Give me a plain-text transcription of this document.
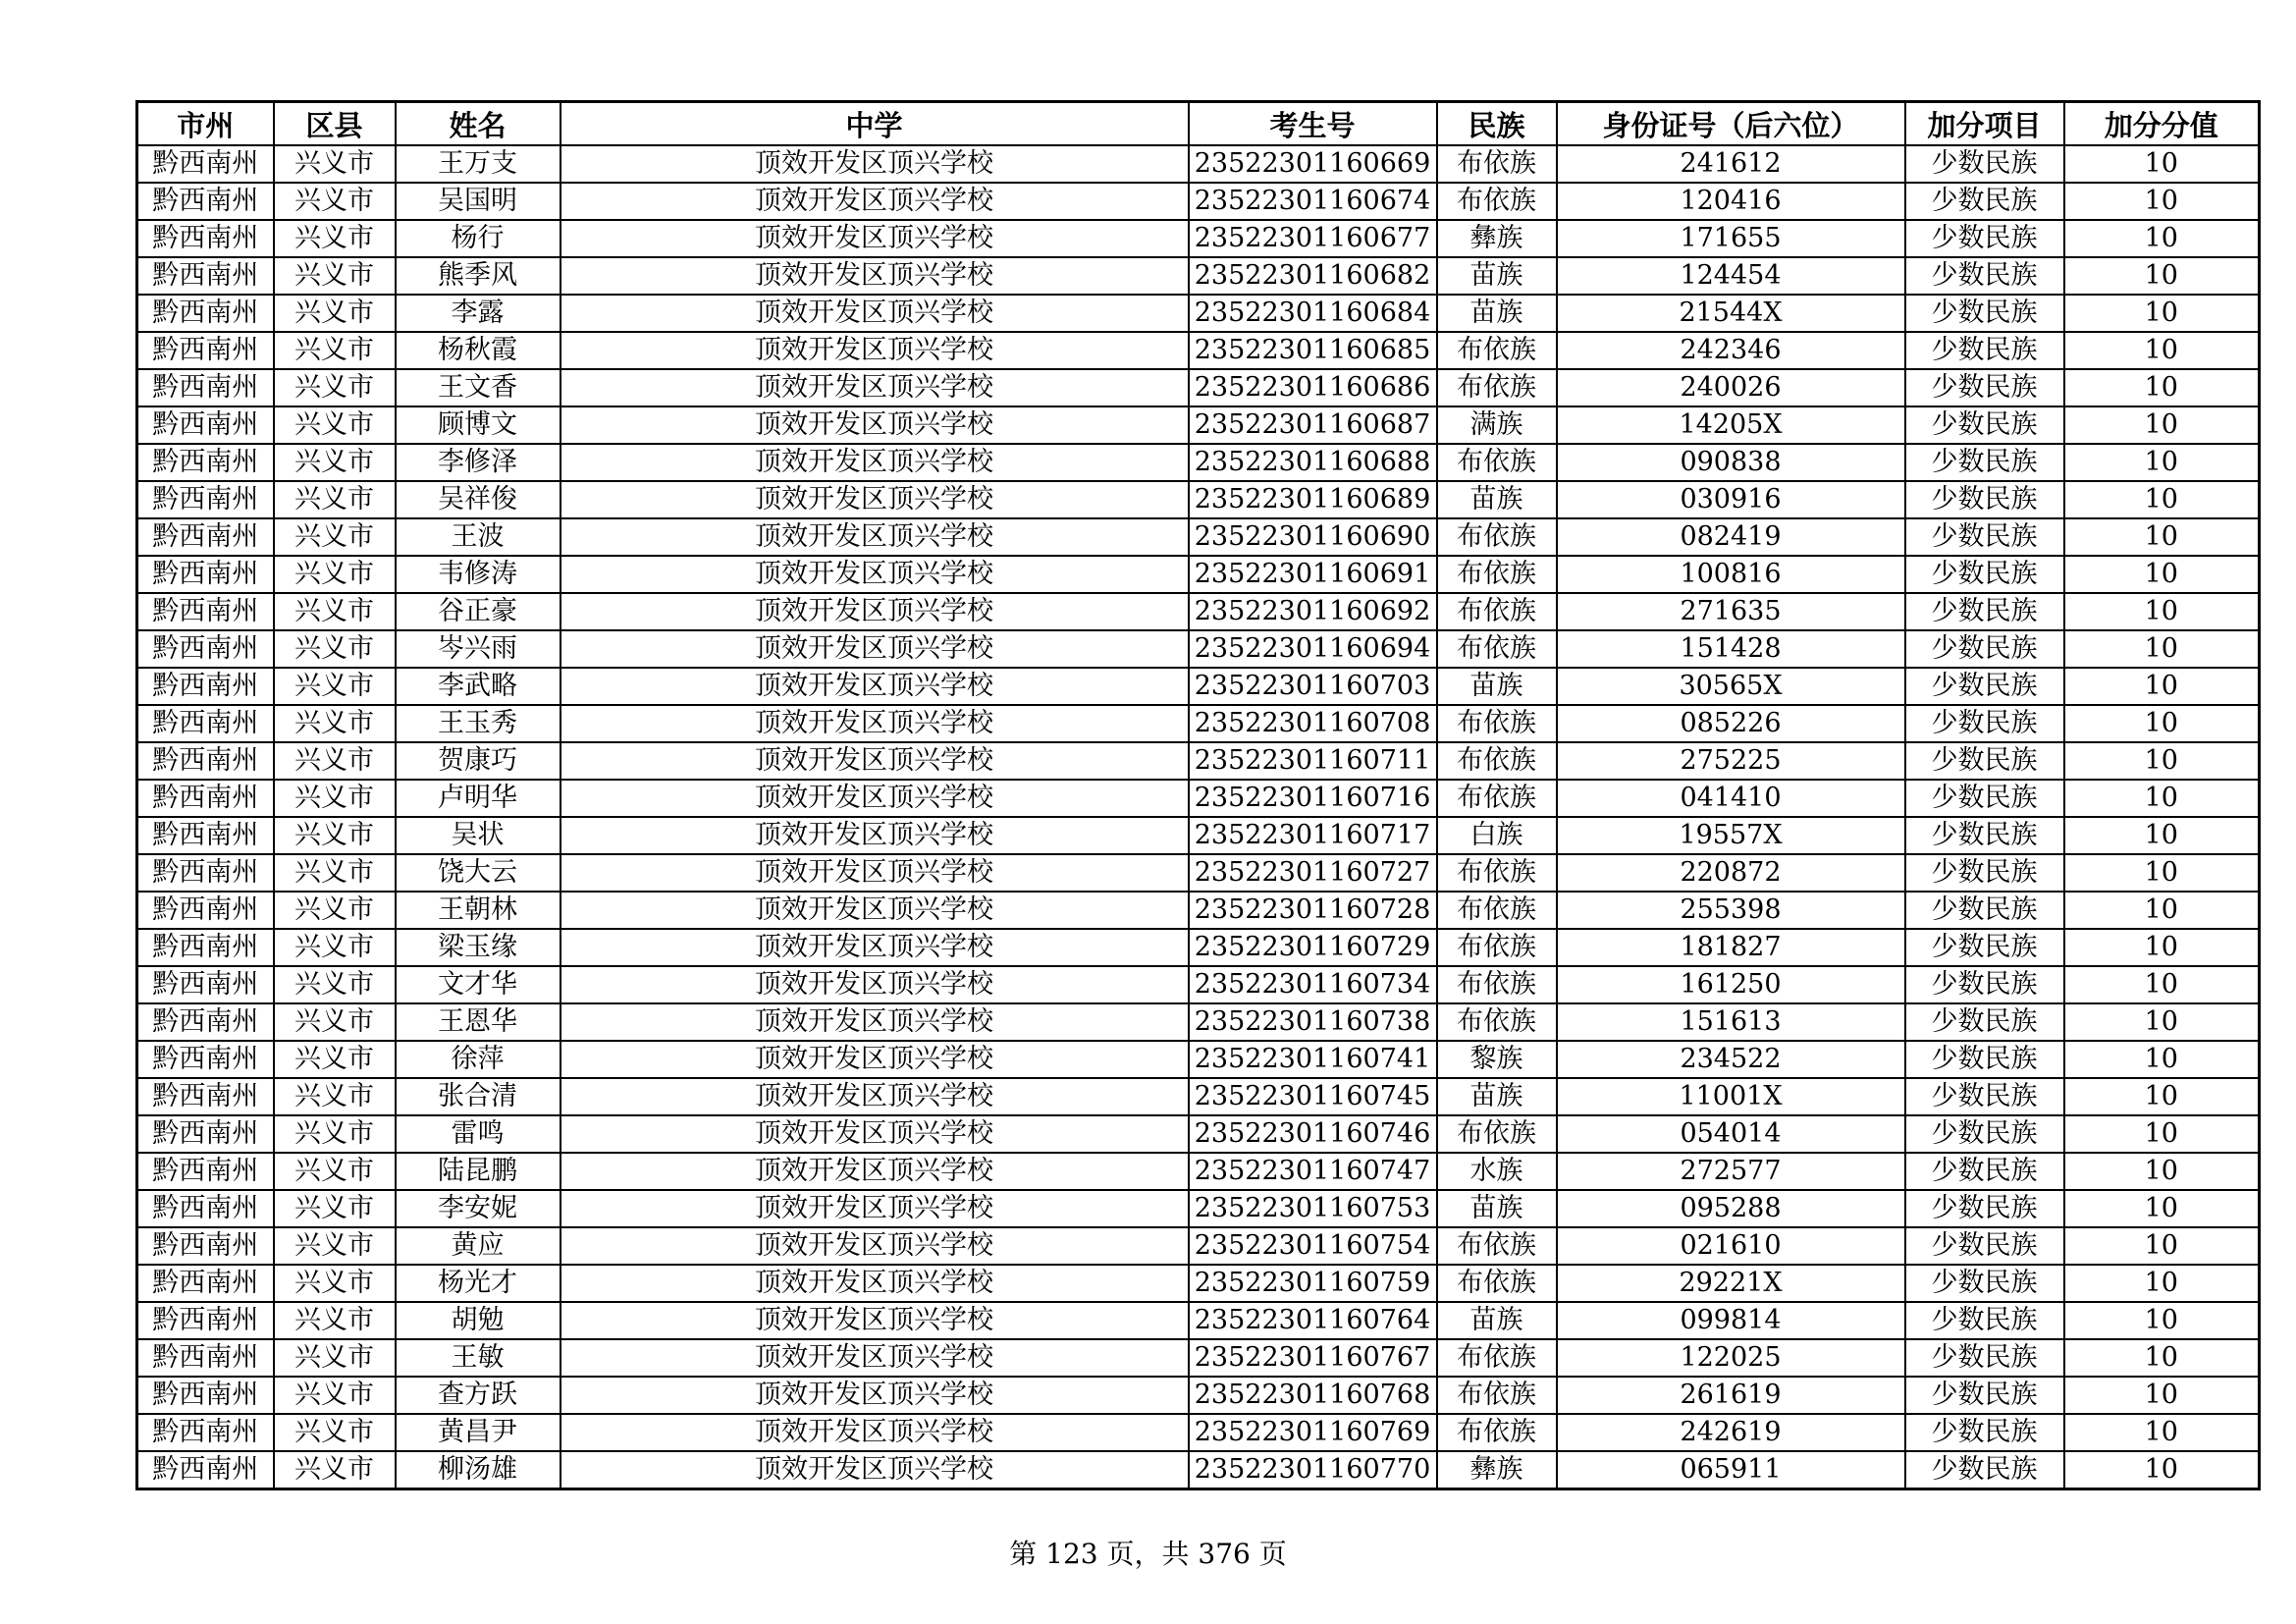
市州	区县	姓名	中学	考生号	民族	身份证号（后六位）	加分项目	加分分值
黔西南州	兴义市	王万支	顶效开发区顶兴学校	23522301160669	布依族	241612	少数民族	10
黔西南州	兴义市	吴国明	顶效开发区顶兴学校	23522301160674	布依族	120416	少数民族	10
黔西南州	兴义市	杨行	顶效开发区顶兴学校	23522301160677	彝族	171655	少数民族	10
黔西南州	兴义市	熊季风	顶效开发区顶兴学校	23522301160682	苗族	124454	少数民族	10
黔西南州	兴义市	李露	顶效开发区顶兴学校	23522301160684	苗族	21544X	少数民族	10
黔西南州	兴义市	杨秋霞	顶效开发区顶兴学校	23522301160685	布依族	242346	少数民族	10
黔西南州	兴义市	王文香	顶效开发区顶兴学校	23522301160686	布依族	240026	少数民族	10
黔西南州	兴义市	顾博文	顶效开发区顶兴学校	23522301160687	满族	14205X	少数民族	10
黔西南州	兴义市	李修泽	顶效开发区顶兴学校	23522301160688	布依族	090838	少数民族	10
黔西南州	兴义市	吴祥俊	顶效开发区顶兴学校	23522301160689	苗族	030916	少数民族	10
黔西南州	兴义市	王波	顶效开发区顶兴学校	23522301160690	布依族	082419	少数民族	10
黔西南州	兴义市	韦修涛	顶效开发区顶兴学校	23522301160691	布依族	100816	少数民族	10
黔西南州	兴义市	谷正豪	顶效开发区顶兴学校	23522301160692	布依族	271635	少数民族	10
黔西南州	兴义市	岑兴雨	顶效开发区顶兴学校	23522301160694	布依族	151428	少数民族	10
黔西南州	兴义市	李武略	顶效开发区顶兴学校	23522301160703	苗族	30565X	少数民族	10
黔西南州	兴义市	王玉秀	顶效开发区顶兴学校	23522301160708	布依族	085226	少数民族	10
黔西南州	兴义市	贺康巧	顶效开发区顶兴学校	23522301160711	布依族	275225	少数民族	10
黔西南州	兴义市	卢明华	顶效开发区顶兴学校	23522301160716	布依族	041410	少数民族	10
黔西南州	兴义市	吴状	顶效开发区顶兴学校	23522301160717	白族	19557X	少数民族	10
黔西南州	兴义市	饶大云	顶效开发区顶兴学校	23522301160727	布依族	220872	少数民族	10
黔西南州	兴义市	王朝林	顶效开发区顶兴学校	23522301160728	布依族	255398	少数民族	10
黔西南州	兴义市	梁玉缘	顶效开发区顶兴学校	23522301160729	布依族	181827	少数民族	10
黔西南州	兴义市	文才华	顶效开发区顶兴学校	23522301160734	布依族	161250	少数民族	10
黔西南州	兴义市	王恩华	顶效开发区顶兴学校	23522301160738	布依族	151613	少数民族	10
黔西南州	兴义市	徐萍	顶效开发区顶兴学校	23522301160741	黎族	234522	少数民族	10
黔西南州	兴义市	张合清	顶效开发区顶兴学校	23522301160745	苗族	11001X	少数民族	10
黔西南州	兴义市	雷鸣	顶效开发区顶兴学校	23522301160746	布依族	054014	少数民族	10
黔西南州	兴义市	陆昆鹏	顶效开发区顶兴学校	23522301160747	水族	272577	少数民族	10
黔西南州	兴义市	李安妮	顶效开发区顶兴学校	23522301160753	苗族	095288	少数民族	10
黔西南州	兴义市	黄应	顶效开发区顶兴学校	23522301160754	布依族	021610	少数民族	10
黔西南州	兴义市	杨光才	顶效开发区顶兴学校	23522301160759	布依族	29221X	少数民族	10
黔西南州	兴义市	胡勉	顶效开发区顶兴学校	23522301160764	苗族	099814	少数民族	10
黔西南州	兴义市	王敏	顶效开发区顶兴学校	23522301160767	布依族	122025	少数民族	10
黔西南州	兴义市	查方跃	顶效开发区顶兴学校	23522301160768	布依族	261619	少数民族	10
黔西南州	兴义市	黄昌尹	顶效开发区顶兴学校	23522301160769	布依族	242619	少数民族	10
黔西南州	兴义市	柳汤雄	顶效开发区顶兴学校	23522301160770	彝族	065911	少数民族	10
第 123 页，共 376 页
